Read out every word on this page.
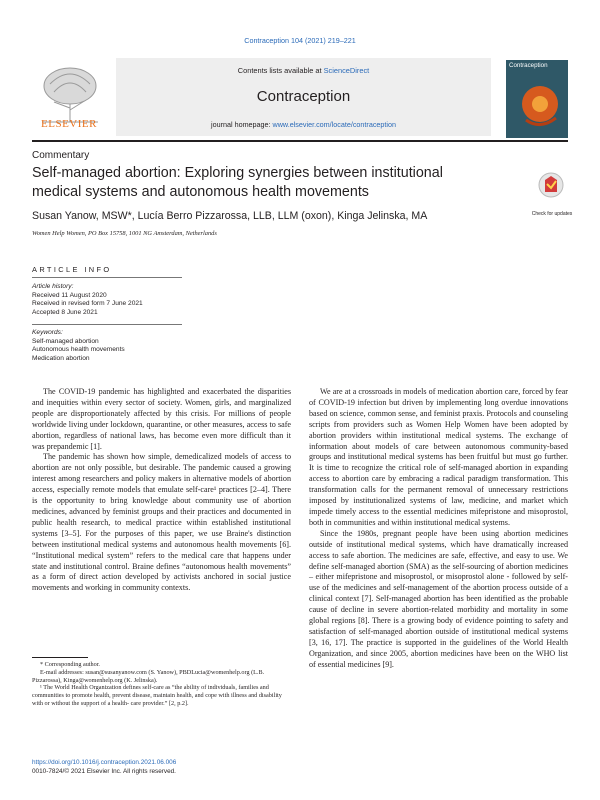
Contraception 104 (2021) 219–221
ELSEVIER
Contents lists available at ScienceDirect
Contraception
journal homepage: www.elsevier.com/locate/contraception
Contraception
Commentary
Self-managed abortion: Exploring synergies between institutional medical systems and autonomous health movements
Check for updates
Susan Yanow, MSW*, Lucía Berro Pizzarossa, LLB, LLM (oxon), Kinga Jelinska, MA
Women Help Women, PO Box 15758, 1001 NG Amsterdam, Netherlands
ARTICLE INFO
Article history:
Received 11 August 2020
Received in revised form 7 June 2021
Accepted 8 June 2021
Keywords:
Self-managed abortion
Autonomous health movements
Medication abortion

The COVID-19 pandemic has highlighted and exacerbated the disparities and inequities within every sector of society. Women, girls, and marginalized people are disproportionately affected by this crisis. For millions of people worldwide living under lockdown, quarantine, or other measures, access to safe abortion, regardless of national laws, has become even more difficult than it was prepandemic [1].

The pandemic has shown how simple, demedicalized models of access to abortion are not only possible, but desirable. The pandemic caused a growing interest among researchers and policy makers in alternative models of abortion access, especially remote models that emulate self-care¹ practices [2–4]. There is the opportunity to bring knowledge about community use of abortion medicines, advanced by feminist groups and their practices and documented in public health research, to medical practice within established institutional systems [3–5]. For the purposes of this paper, we use Braine's distinction between institutional medical systems and autonomous health movements [6]. “Institutional medical system” refers to the medical care that happens under state and institutional control. Braine defines “autonomous health movements” as a form of direct action developed by activists anchored in social justice movements and working in community contexts.

We are at a crossroads in models of medication abortion care, forced by fear of COVID-19 infection but driven by implementing long overdue innovations based on science, common sense, and feminist praxis. Protocols and counseling scripts from providers such as Women Help Women have been adopted by abortion providers within institutional medical systems. The exchange of information about models of care between autonomous community-based groups and institutional medical systems has been fruitful but must go further. It is time to recognize the critical role of self-managed abortion in expanding access to abortion care by embracing a radical paradigm transformation. This transformation calls for the permanent removal of unnecessary restrictions imposed by institutionalized systems of law, medicine, and market which impede timely access to the essential medicines mifepristone and misoprostol, both in communities and within institutional medical systems.

Since the 1980s, pregnant people have been using abortion medicines outside of institutional medical systems, which have dramatically increased access to safe abortion. The medicines are safe, effective, and easy to use. We define self-managed abortion (SMA) as the self-sourcing of abortion medicines – either mifepristone and misoprostol, or misoprostol alone - followed by self-use of the medicines and self-management of the abortion process outside of a clinical context [7]. Self-managed abortion has been identified as the probable cause of decline in severe abortion-related morbidity and mortality in some global regions [8]. There is a growing body of evidence pointing to safety and satisfaction of self-managed abortion outside of institutional medical systems [3, 16, 17]. The practice is supported in the guidelines of the World Health Organization, and since 2005, abortion medicines have been on the WHO list of essential medicines [9].

* Corresponding author.

E-mail addresses: susan@susanyanow.com (S. Yanow), PBDLucia@womenhelp.org (L.B. Pizzarossa), Kinga@womenhelp.org (K. Jelinska).

¹ The World Health Organization defines self-care as “the ability of individuals, families and communities to promote health, prevent disease, maintain health, and cope with illness and disability with or without the support of a health- care provider.” [2, p.2].

https://doi.org/10.1016/j.contraception.2021.06.006
0010-7824/© 2021 Elsevier Inc. All rights reserved.
